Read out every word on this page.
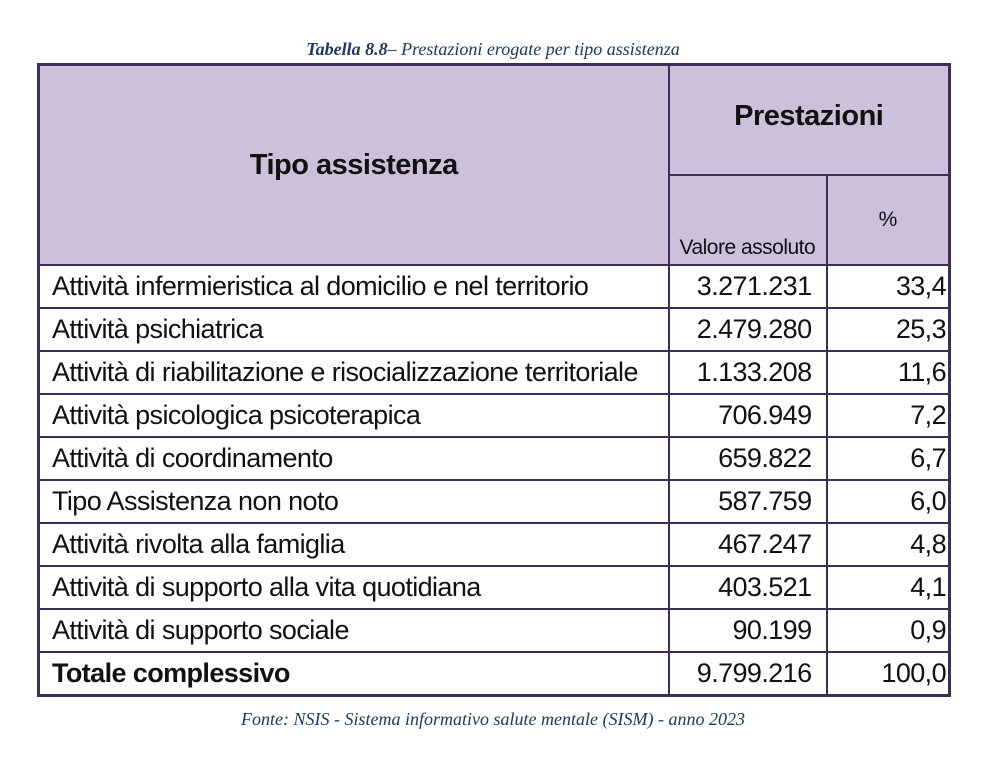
Tabella 8.8– Prestazioni erogate per tipo assistenza
Tipo assistenza	Prestazioni	
	Valore assoluto	%
Attività infermieristica al domicilio e nel territorio	3.271.231	33,4
Attività psichiatrica	2.479.280	25,3
Attività di riabilitazione e risocializzazione territoriale	1.133.208	11,6
Attività psicologica psicoterapica	706.949	7,2
Attività di coordinamento	659.822	6,7
Tipo Assistenza non noto	587.759	6,0
Attività rivolta alla famiglia	467.247	4,8
Attività di supporto alla vita quotidiana	403.521	4,1
Attività di supporto sociale	90.199	0,9
Totale complessivo	9.799.216	100,0
Fonte: NSIS - Sistema informativo salute mentale (SISM) - anno 2023
